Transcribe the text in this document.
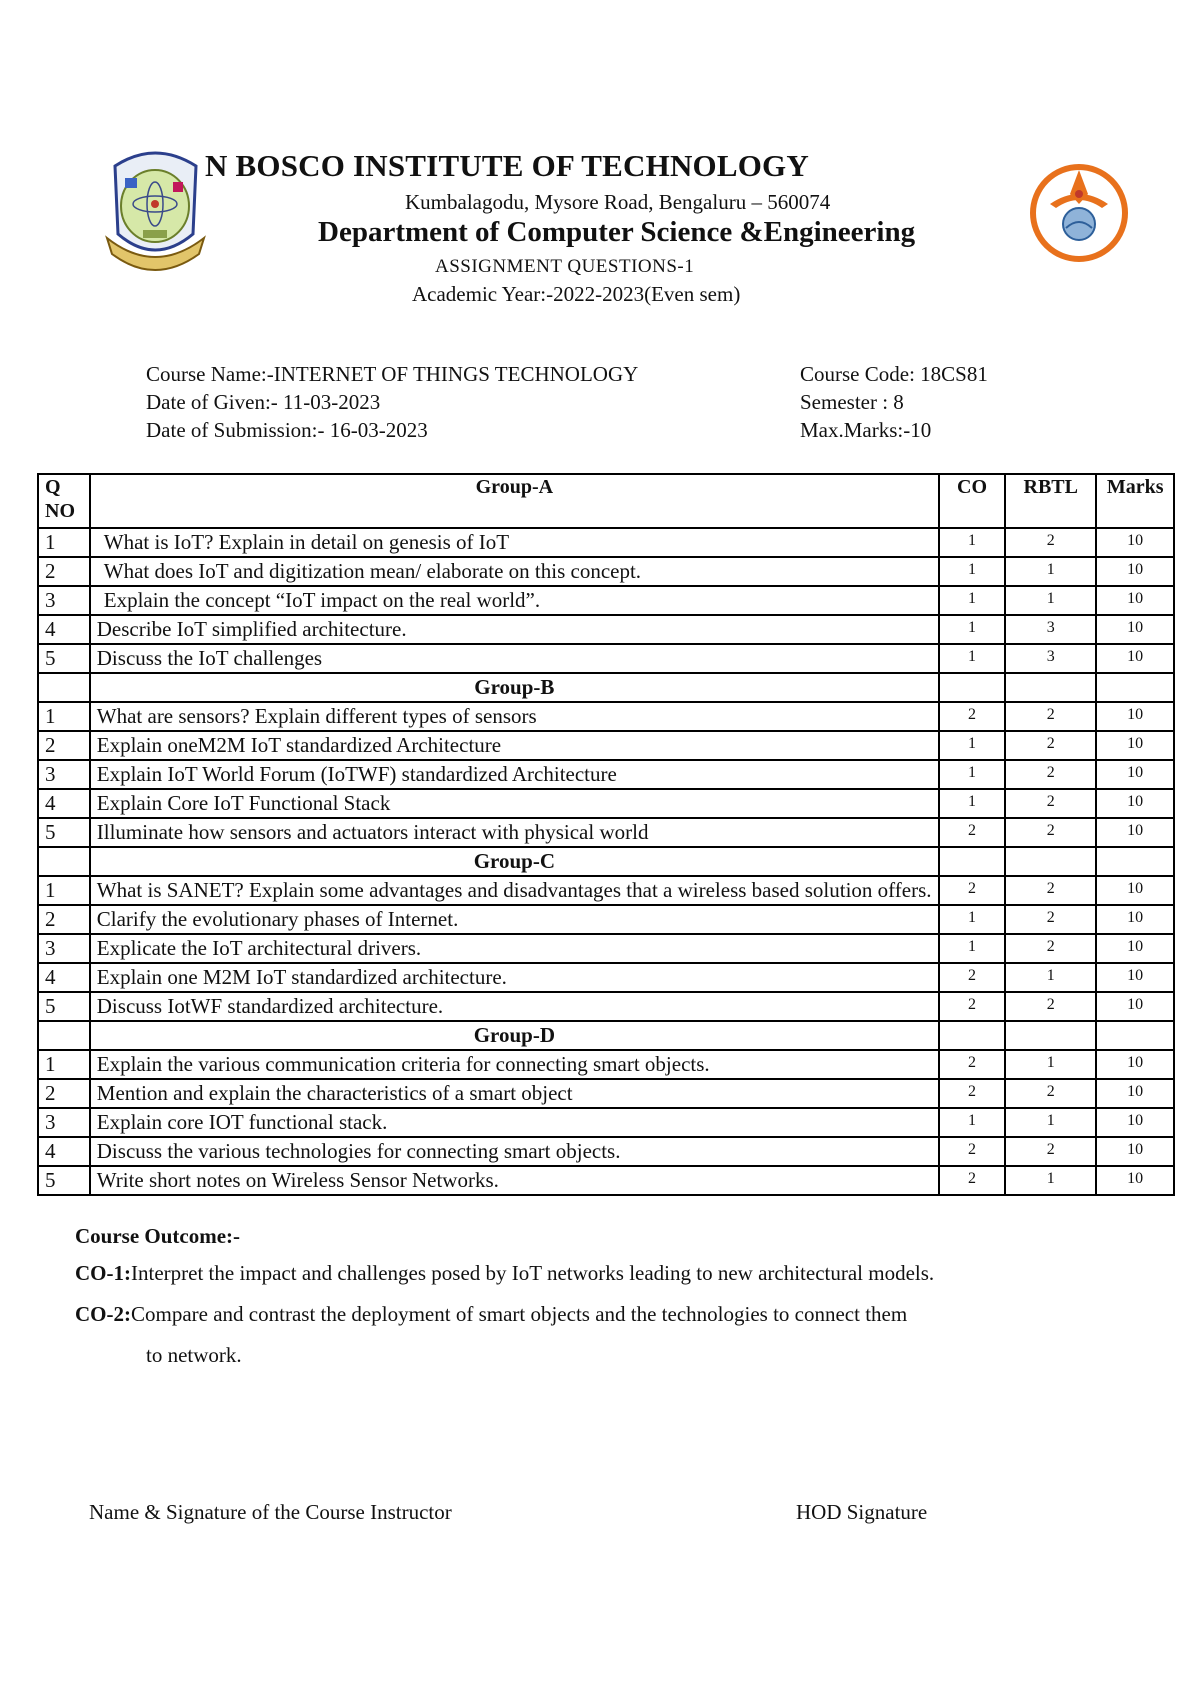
N BOSCO INSTITUTE OF TECHNOLOGY
Kumbalagodu, Mysore Road, Bengaluru – 560074
Department of Computer Science &Engineering
ASSIGNMENT QUESTIONS-1
Academic Year:-2022-2023(Even sem)
Course Name:-INTERNET OF THINGS TECHNOLOGY	Course Code: 18CS81
Date of Given:- 11-03-2023	Semester : 8
Date of Submission:- 16-03-2023	Max.Marks:-10
Q NO	Group-A	CO	RBTL	Marks
1	What is IoT? Explain in detail on genesis of IoT	1	2	10
2	What does IoT and digitization mean/ elaborate on this concept.	1	1	10
3	Explain the concept “IoT impact on the real world”.	1	1	10
4	Describe IoT simplified architecture.	1	3	10
5	Discuss the IoT challenges	1	3	10
	Group-B			
1	What are sensors? Explain different types of sensors	2	2	10
2	Explain oneM2M IoT standardized Architecture	1	2	10
3	Explain IoT World Forum (IoTWF) standardized Architecture	1	2	10
4	Explain Core IoT Functional Stack	1	2	10
5	Illuminate how sensors and actuators interact with physical world	2	2	10
	Group-C			
1	What is SANET? Explain some advantages and disadvantages that a wireless based solution offers.	2	2	10
2	Clarify the evolutionary phases of Internet.	1	2	10
3	Explicate the IoT architectural drivers.	1	2	10
4	Explain one M2M IoT standardized architecture.	2	1	10
5	Discuss IotWF standardized architecture.	2	2	10
	Group-D			
1	Explain the various communication criteria for connecting smart objects.	2	1	10
2	Mention and explain the characteristics of a smart object	2	2	10
3	Explain core IOT functional stack.	1	1	10
4	Discuss the various technologies for connecting smart objects.	2	2	10
5	Write short notes on Wireless Sensor Networks.	2	1	10
Course Outcome:-
CO-1:Interpret the impact and challenges posed by IoT networks leading to new architectural models.
CO-2:Compare and contrast the deployment of smart objects and the technologies to connect them
to network.
Name & Signature of the Course Instructor	HOD Signature
